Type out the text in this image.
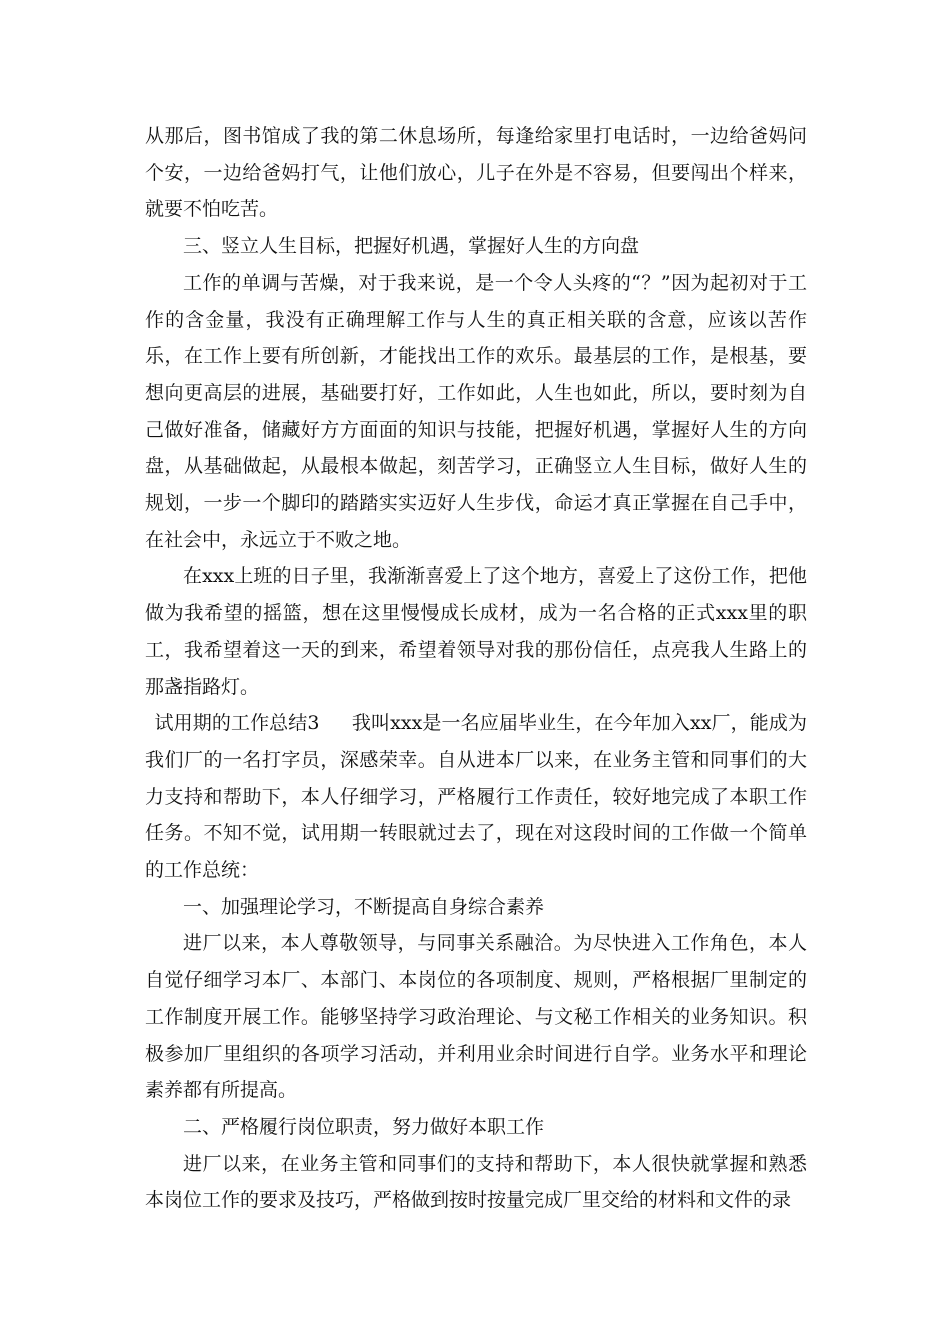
从那后，图书馆成了我的第二休息场所，每逢给家里打电话时，一边给爸妈问个安，一边给爸妈打气，让他们放心，儿子在外是不容易，但要闯出个样来，就要不怕吃苦。

三、竖立人生目标，把握好机遇，掌握好人生的方向盘

工作的单调与苦燥，对于我来说，是一个令人头疼的“？”因为起初对于工作的含金量，我没有正确理解工作与人生的真正相关联的含意，应该以苦作乐，在工作上要有所创新，才能找出工作的欢乐。最基层的工作，是根基，要想向更高层的进展，基础要打好，工作如此，人生也如此，所以，要时刻为自己做好准备，储藏好方方面面的知识与技能，把握好机遇，掌握好人生的方向盘，从基础做起，从最根本做起，刻苦学习，正确竖立人生目标，做好人生的规划，一步一个脚印的踏踏实实迈好人生步伐，命运才真正掌握在自己手中，在社会中，永远立于不败之地。

在xxx上班的日子里，我渐渐喜爱上了这个地方，喜爱上了这份工作，把他做为我希望的摇篮，想在这里慢慢成长成材，成为一名合格的正式xxx里的职工，我希望着这一天的到来，希望着领导对我的那份信任，点亮我人生路上的那盏指路灯。

试用期的工作总结3 我叫xxx是一名应届毕业生，在今年加入xx厂，能成为我们厂的一名打字员，深感荣幸。自从进本厂以来，在业务主管和同事们的大力支持和帮助下，本人仔细学习，严格履行工作责任，较好地完成了本职工作任务。不知不觉，试用期一转眼就过去了，现在对这段时间的工作做一个简单的工作总统：

一、加强理论学习，不断提高自身综合素养

进厂以来，本人尊敬领导，与同事关系融洽。为尽快进入工作角色，本人自觉仔细学习本厂、本部门、本岗位的各项制度、规则，严格根据厂里制定的工作制度开展工作。能够坚持学习政治理论、与文秘工作相关的业务知识。积极参加厂里组织的各项学习活动，并利用业余时间进行自学。业务水平和理论素养都有所提高。

二、严格履行岗位职责，努力做好本职工作

进厂以来，在业务主管和同事们的支持和帮助下，本人很快就掌握和熟悉本岗位工作的要求及技巧，严格做到按时按量完成厂里交给的材料和文件的录
